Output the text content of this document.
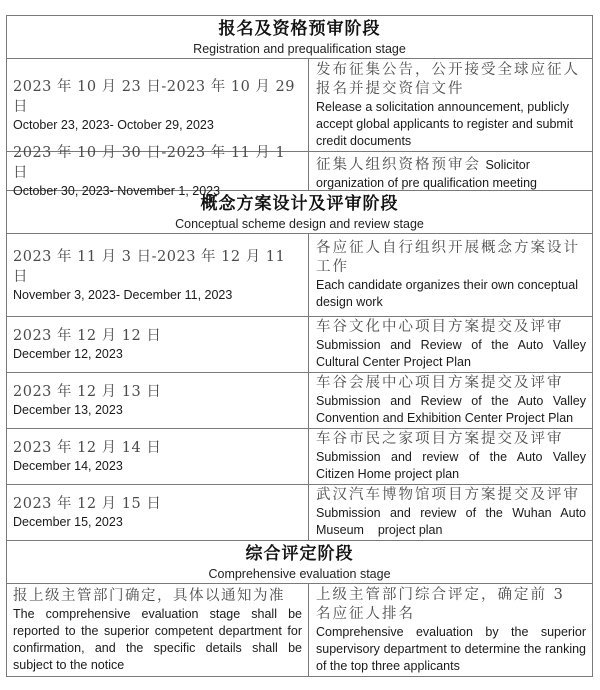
报名及资格预审阶段
Registration and prequalification stage
2023 年 10 月 23 日-2023 年 10 月 29 日
October 23, 2023- October 29, 2023
发布征集公告，公开接受全球应征人报名并提交资信文件
Release a solicitation announcement, publicly accept global applicants to register and submit credit documents
2023 年 10 月 30 日-2023 年 11 月 1 日
October 30, 2023- November 1, 2023
征集人组织资格预审会 Solicitor organization of pre qualification meeting
概念方案设计及评审阶段
Conceptual scheme design and review stage
2023 年 11 月 3 日-2023 年 12 月 11 日
November 3, 2023- December 11, 2023
各应征人自行组织开展概念方案设计工作
Each candidate organizes their own conceptual design work
2023 年 12 月 12 日
December 12, 2023
车谷文化中心项目方案提交及评审
Submission and Review of the Auto Valley Cultural Center Project Plan
2023 年 12 月 13 日
December 13, 2023
车谷会展中心项目方案提交及评审
Submission and Review of the Auto Valley Convention and Exhibition Center Project Plan
2023 年 12 月 14 日
December 14, 2023
车谷市民之家项目方案提交及评审
Submission and review of the Auto Valley Citizen Home project plan
2023 年 12 月 15 日
December 15, 2023
武汉汽车博物馆项目方案提交及评审
Submission and review of the Wuhan Auto Museum    project plan
综合评定阶段
Comprehensive evaluation stage
报上级主管部门确定，具体以通知为准
The comprehensive evaluation stage shall be reported to the superior competent department for confirmation, and the specific details shall be subject to the notice
上级主管部门综合评定，确定前 3 名应征人排名
Comprehensive evaluation by the superior supervisory department to determine the ranking of the top three applicants
